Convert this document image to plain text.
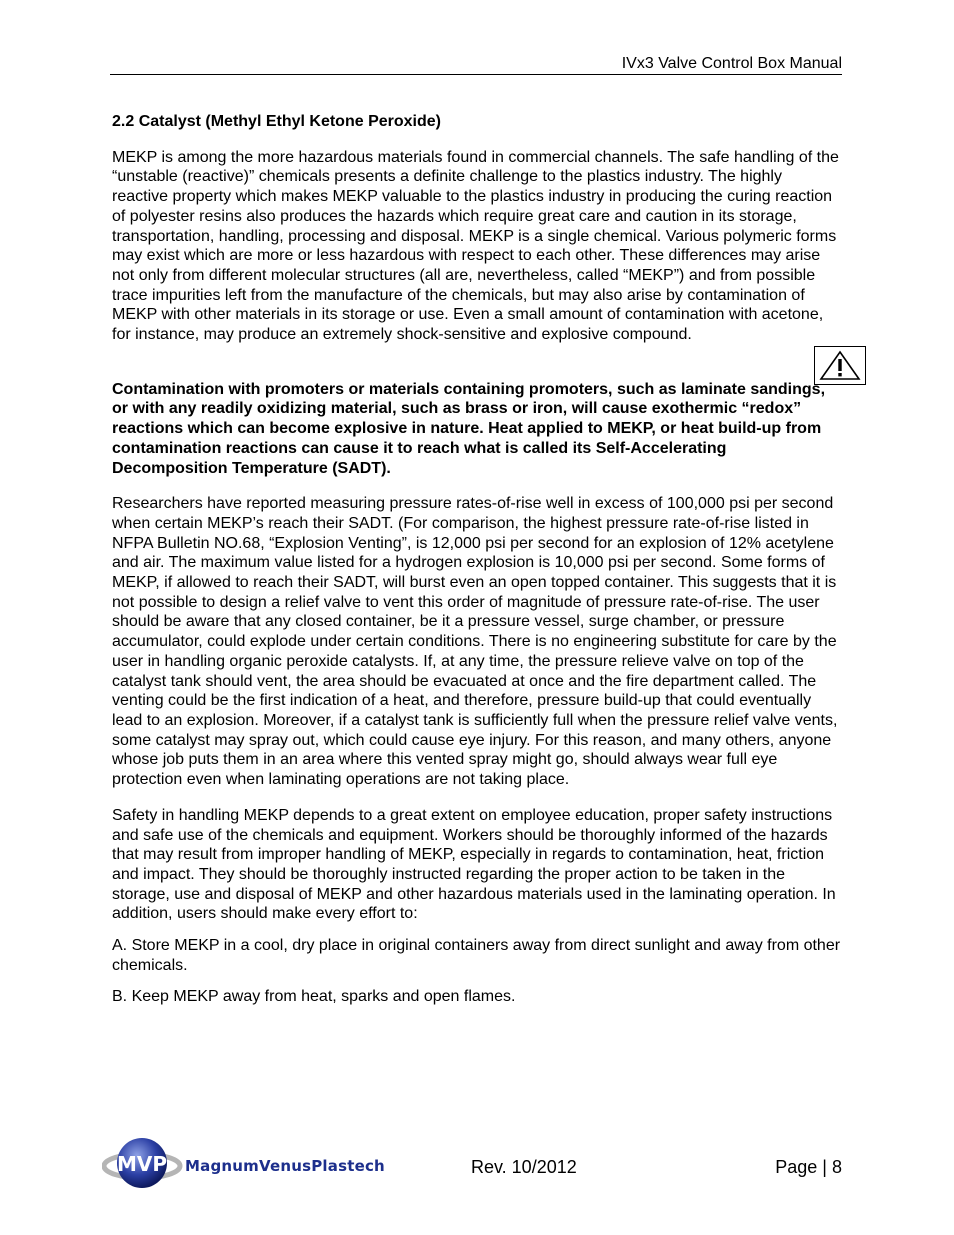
IVx3 Valve Control Box Manual
2.2 Catalyst (Methyl Ethyl Ketone Peroxide)

MEKP is among the more hazardous materials found in commercial channels. The safe handling of the “unstable (reactive)” chemicals presents a definite challenge to the plastics industry. The highly reactive property which makes MEKP valuable to the plastics industry in producing the curing reaction of polyester resins also produces the hazards which require great care and caution in its storage, transportation, handling, processing and disposal. MEKP is a single chemical. Various polymeric forms may exist which are more or less hazardous with respect to each other. These differences may arise not only from different molecular structures (all are, nevertheless, called “MEKP”) and from possible trace impurities left from the manufacture of the chemicals, but may also arise by contamination of MEKP with other materials in its storage or use. Even a small amount of contamination with acetone, for instance, may produce an extremely shock-sensitive and explosive compound.

Contamination with promoters or materials containing promoters, such as laminate sandings, or with any readily oxidizing material, such as brass or iron, will cause exothermic “redox” reactions which can become explosive in nature. Heat applied to MEKP, or heat build-up from contamination reactions can cause it to reach what is called its Self-Accelerating Decomposition Temperature (SADT).

Researchers have reported measuring pressure rates-of-rise well in excess of 100,000 psi per second when certain MEKP’s reach their SADT. (For comparison, the highest pressure rate-of-rise listed in NFPA Bulletin NO.68, “Explosion Venting”, is 12,000 psi per second for an explosion of 12% acetylene and air. The maximum value listed for a hydrogen explosion is 10,000 psi per second. Some forms of MEKP, if allowed to reach their SADT, will burst even an open topped container. This suggests that it is not possible to design a relief valve to vent this order of magnitude of pressure rate-of-rise. The user should be aware that any closed container, be it a pressure vessel, surge chamber, or pressure accumulator, could explode under certain conditions. There is no engineering substitute for care by the user in handling organic peroxide catalysts. If, at any time, the pressure relieve valve on top of the catalyst tank should vent, the area should be evacuated at once and the fire department called. The venting could be the first indication of a heat, and therefore, pressure build-up that could eventually lead to an explosion. Moreover, if a catalyst tank is sufficiently full when the pressure relief valve vents, some catalyst may spray out, which could cause eye injury. For this reason, and many others, anyone whose job puts them in an area where this vented spray might go, should always wear full eye protection even when laminating operations are not taking place.

Safety in handling MEKP depends to a great extent on employee education, proper safety instructions and safe use of the chemicals and equipment. Workers should be thoroughly informed of the hazards that may result from improper handling of MEKP, especially in regards to contamination, heat, friction and impact. They should be thoroughly instructed regarding the proper action to be taken in the storage, use and disposal of MEKP and other hazardous materials used in the laminating operation. In addition, users should make every effort to:

A. Store MEKP in a cool, dry place in original containers away from direct sunlight and away from other chemicals.

B. Keep MEKP away from heat, sparks and open flames.

MVP MagnumVenusPlastech	Rev. 10/2012	Page | 8
